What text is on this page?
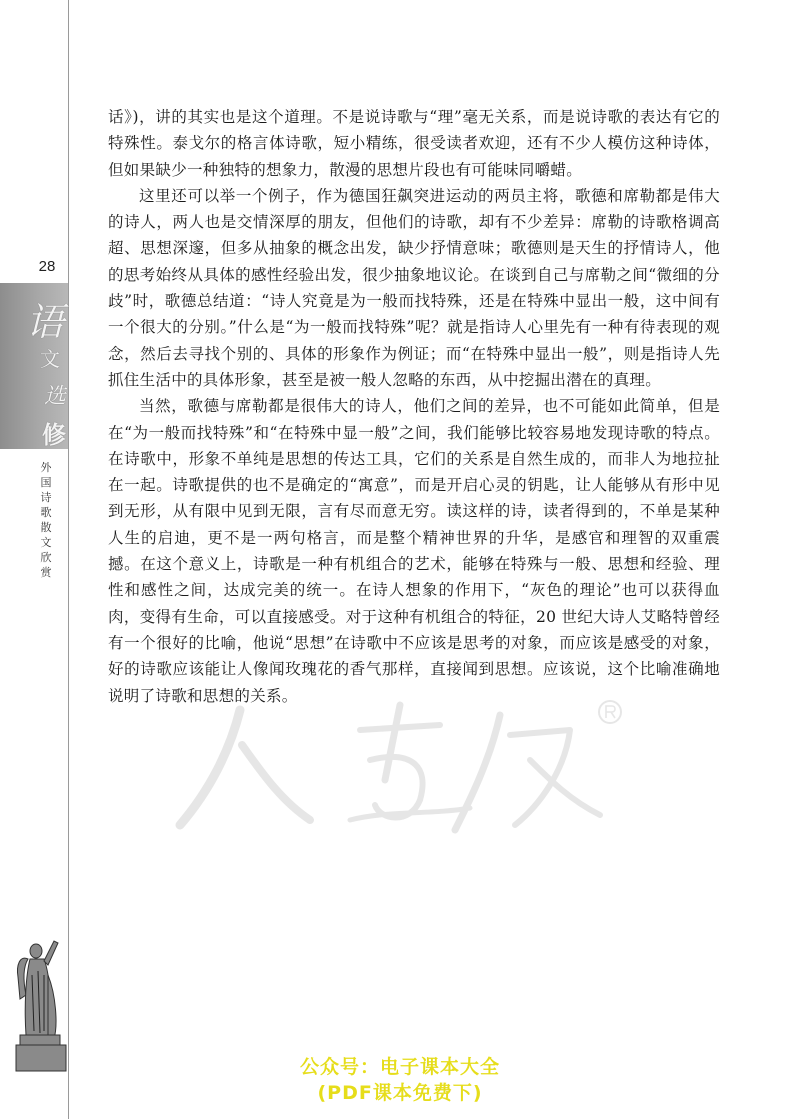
28
语
文
选
修
外国诗歌散文欣赏

话》)，讲的其实也是这个道理。不是说诗歌与“理”毫无关系，而是说诗歌的表达有它的特殊性。泰戈尔的格言体诗歌，短小精练，很受读者欢迎，还有不少人模仿这种诗体，但如果缺少一种独特的想象力，散漫的思想片段也有可能味同嚼蜡。

这里还可以举一个例子，作为德国狂飙突进运动的两员主将，歌德和席勒都是伟大的诗人，两人也是交情深厚的朋友，但他们的诗歌，却有不少差异：席勒的诗歌格调高超、思想深邃，但多从抽象的概念出发，缺少抒情意味；歌德则是天生的抒情诗人，他的思考始终从具体的感性经验出发，很少抽象地议论。在谈到自己与席勒之间“微细的分歧”时，歌德总结道：“诗人究竟是为一般而找特殊，还是在特殊中显出一般，这中间有一个很大的分别。”什么是“为一般而找特殊”呢？就是指诗人心里先有一种有待表现的观念，然后去寻找个别的、具体的形象作为例证；而“在特殊中显出一般”，则是指诗人先抓住生活中的具体形象，甚至是被一般人忽略的东西，从中挖掘出潜在的真理。

当然，歌德与席勒都是很伟大的诗人，他们之间的差异，也不可能如此简单，但是在“为一般而找特殊”和“在特殊中显一般”之间，我们能够比较容易地发现诗歌的特点。在诗歌中，形象不单纯是思想的传达工具，它们的关系是自然生成的，而非人为地拉扯在一起。诗歌提供的也不是确定的“寓意”，而是开启心灵的钥匙，让人能够从有形中见到无形，从有限中见到无限，言有尽而意无穷。读这样的诗，读者得到的，不单是某种人生的启迪，更不是一两句格言，而是整个精神世界的升华，是感官和理智的双重震撼。在这个意义上，诗歌是一种有机组合的艺术，能够在特殊与一般、思想和经验、理性和感性之间，达成完美的统一。在诗人想象的作用下，“灰色的理论”也可以获得血肉，变得有生命，可以直接感受。对于这种有机组合的特征，20 世纪大诗人艾略特曾经有一个很好的比喻，他说“思想”在诗歌中不应该是思考的对象，而应该是感受的对象，好的诗歌应该能让人像闻玫瑰花的香气那样，直接闻到思想。应该说，这个比喻准确地说明了诗歌和思想的关系。

公众号：电子课本大全
(PDF课本免费下)
